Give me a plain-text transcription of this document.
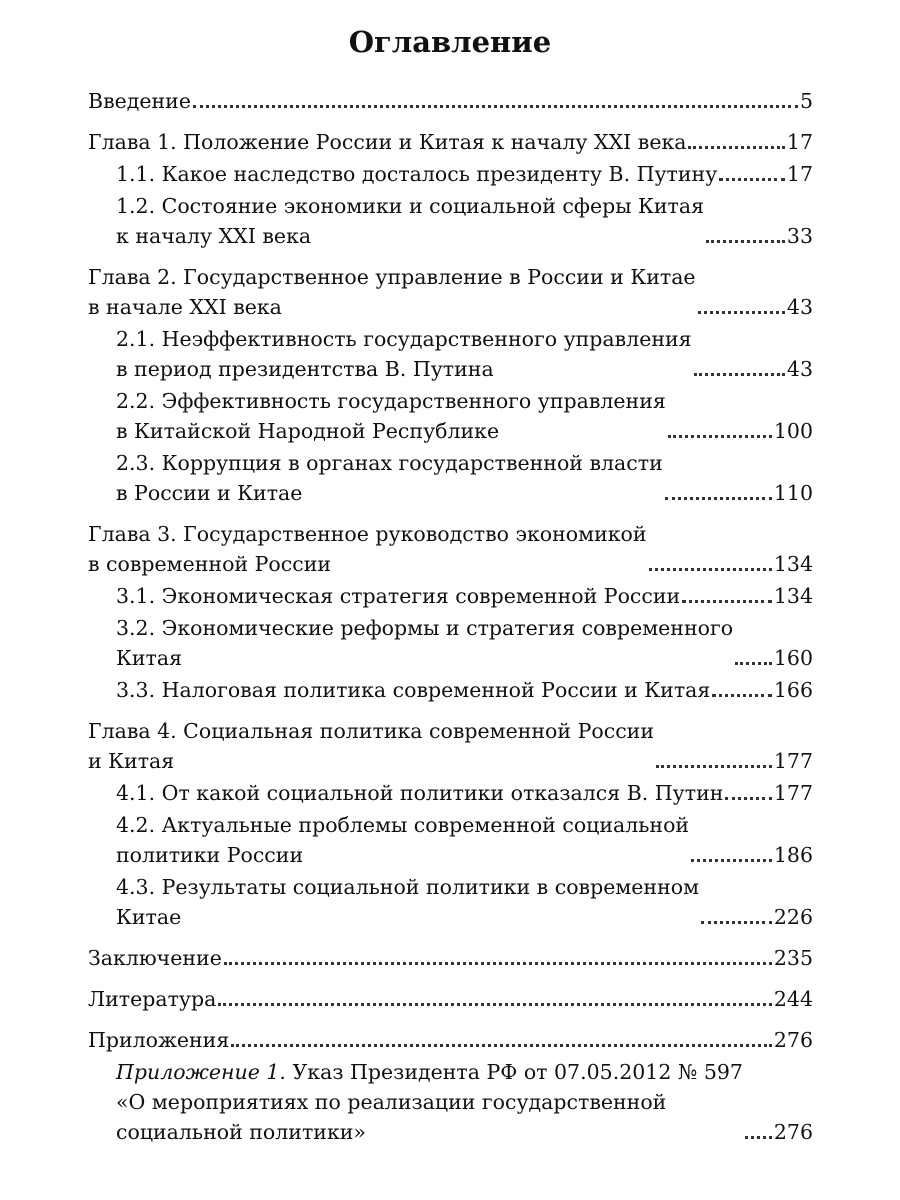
Оглавление
Введение	5
Глава 1. Положение России и Китая к началу XXI века	17
1.1. Какое наследство досталось президенту В. Путину	17
1.2. Состояние экономики и социальной сферы Китая
к началу XXI века	33
Глава 2. Государственное управление в России и Китае
в начале XXI века	43
2.1. Неэффективность государственного управления
в период президентства В. Путина	43
2.2. Эффективность государственного управления
в Китайской Народной Республике	100
2.3. Коррупция в органах государственной власти
в России и Китае	110
Глава 3. Государственное руководство экономикой
в современной России	134
3.1. Экономическая стратегия современной России	134
3.2. Экономические реформы и стратегия современного
Китая	160
3.3. Налоговая политика современной России и Китая	166
Глава 4. Социальная политика современной России
и Китая	177
4.1. От какой социальной политики отказался В. Путин 177
4.2. Актуальные проблемы современной социальной
политики России	186
4.3. Результаты социальной политики в современном
Китае	226
Заключение	235
Литература	244
Приложения	276
Приложение 1. Указ Президента РФ от 07.05.2012 № 597
«О мероприятиях по реализации государственной
социальной политики»	276
